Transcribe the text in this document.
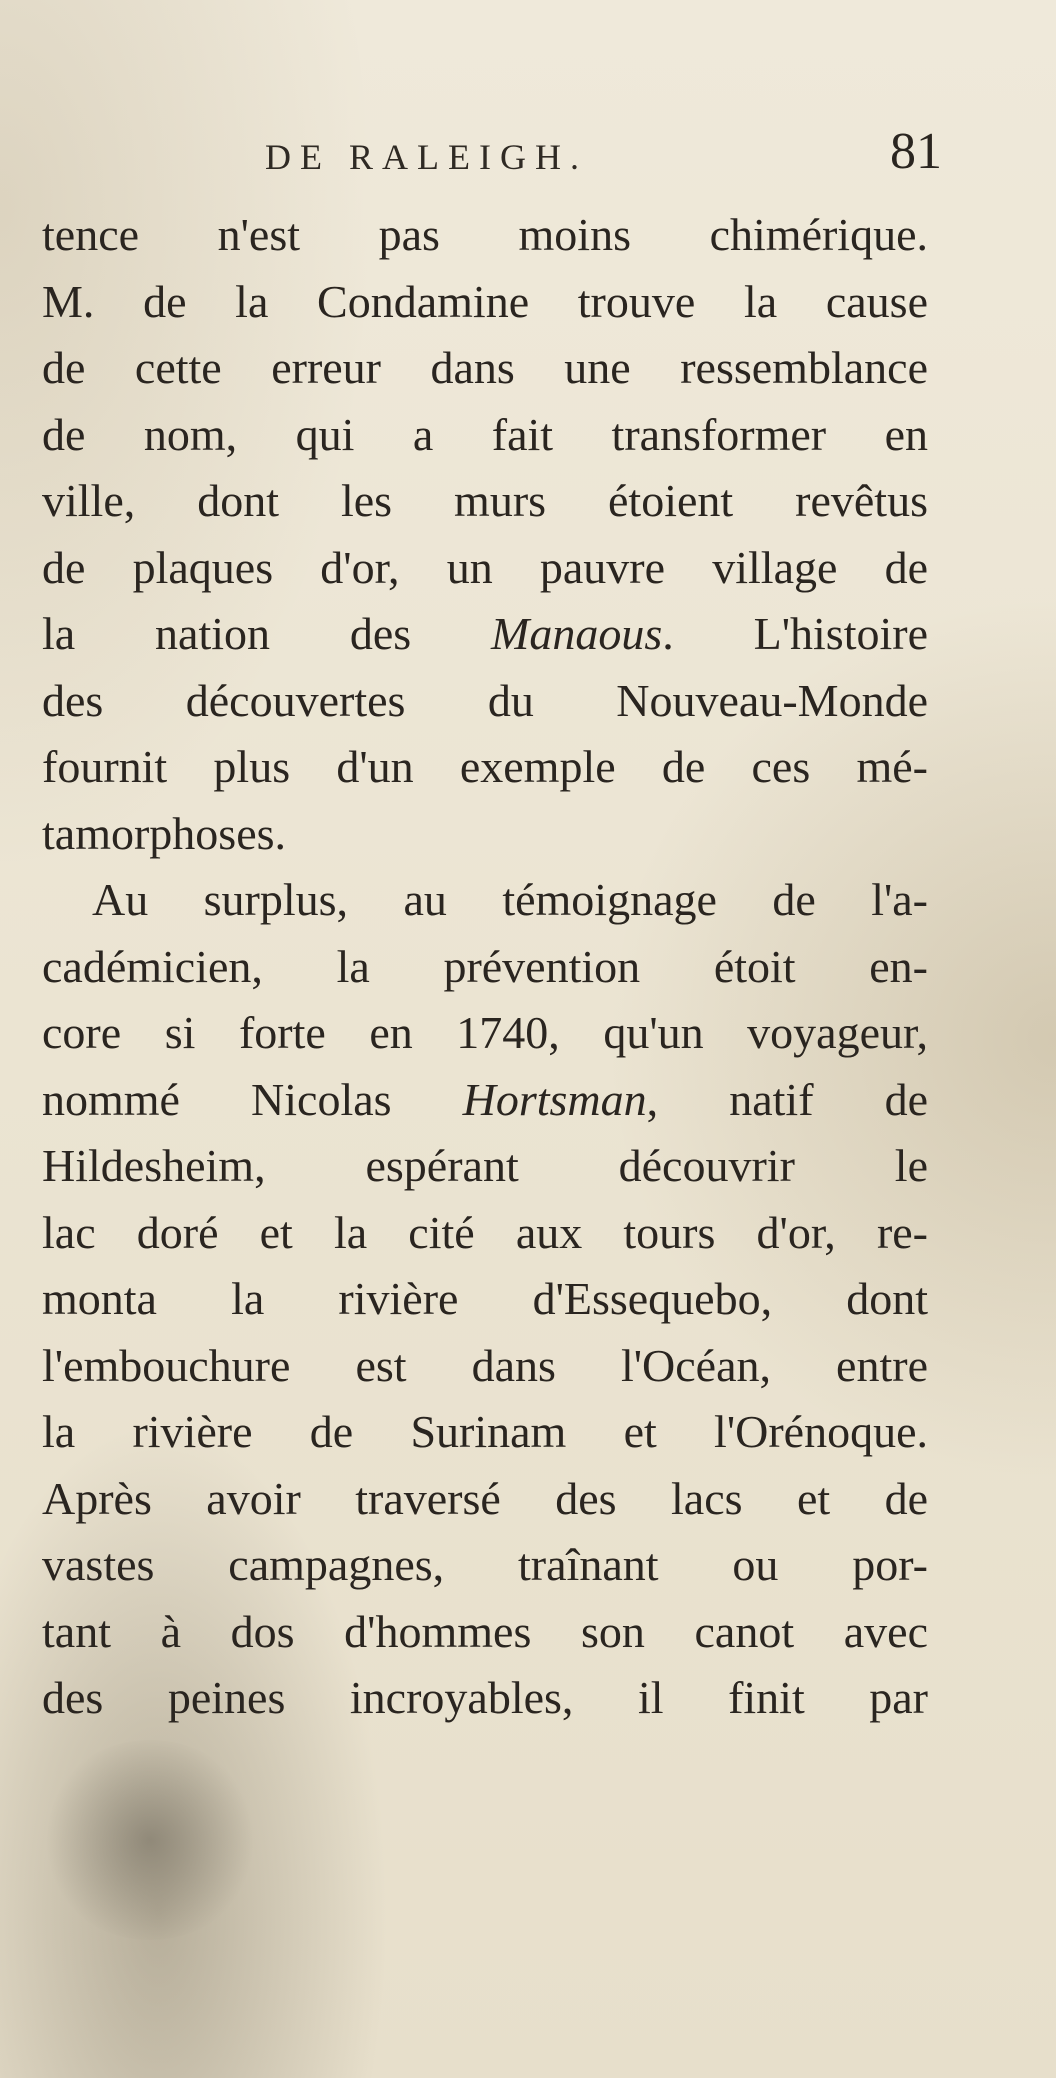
DE RALEIGH.	81
tence n'est pas moins chimérique.
M. de la Condamine trouve la cause
de cette erreur dans une ressemblance
de nom, qui a fait transformer en
ville, dont les murs étoient revêtus
de plaques d'or, un pauvre village de
la nation des Manaous. L'histoire
des découvertes du Nouveau-Monde
fournit plus d'un exemple de ces mé-
tamorphoses.
Au surplus, au témoignage de l'a-
cadémicien, la prévention étoit en-
core si forte en 1740, qu'un voyageur,
nommé Nicolas Hortsman, natif de
Hildesheim, espérant découvrir le
lac doré et la cité aux tours d'or, re-
monta la rivière d'Essequebo, dont
l'embouchure est dans l'Océan, entre
la rivière de Surinam et l'Orénoque.
Après avoir traversé des lacs et de
vastes campagnes, traînant ou por-
tant à dos d'hommes son canot avec
des peines incroyables, il finit par
